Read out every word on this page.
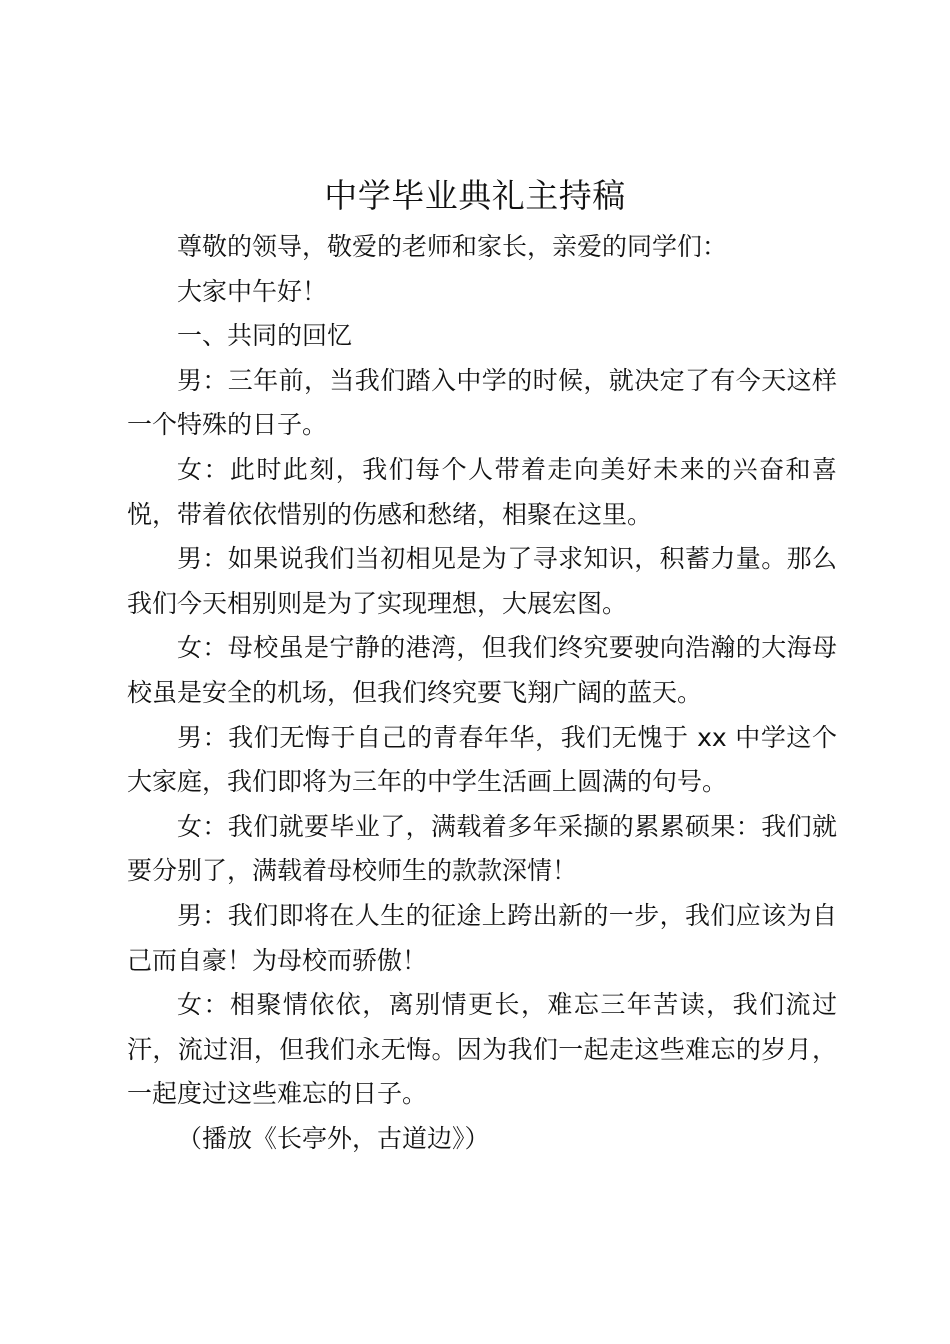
中学毕业典礼主持稿

尊敬的领导，敬爱的老师和家长，亲爱的同学们：

大家中午好！

一、共同的回忆

男：三年前，当我们踏入中学的时候，就决定了有今天这样一个特殊的日子。

女：此时此刻，我们每个人带着走向美好未来的兴奋和喜悦，带着依依惜别的伤感和愁绪，相聚在这里。

男：如果说我们当初相见是为了寻求知识，积蓄力量。那么我们今天相别则是为了实现理想，大展宏图。

女：母校虽是宁静的港湾，但我们终究要驶向浩瀚的大海母校虽是安全的机场，但我们终究要飞翔广阔的蓝天。

男：我们无悔于自己的青春年华，我们无愧于 xx 中学这个大家庭，我们即将为三年的中学生活画上圆满的句号。

女：我们就要毕业了，满载着多年采撷的累累硕果：我们就要分别了，满载着母校师生的款款深情！

男：我们即将在人生的征途上跨出新的一步，我们应该为自己而自豪！为母校而骄傲！

女：相聚情依依，离别情更长，难忘三年苦读，我们流过汗，流过泪，但我们永无悔。因为我们一起走这些难忘的岁月，一起度过这些难忘的日子。

（播放《长亭外，古道边》）
